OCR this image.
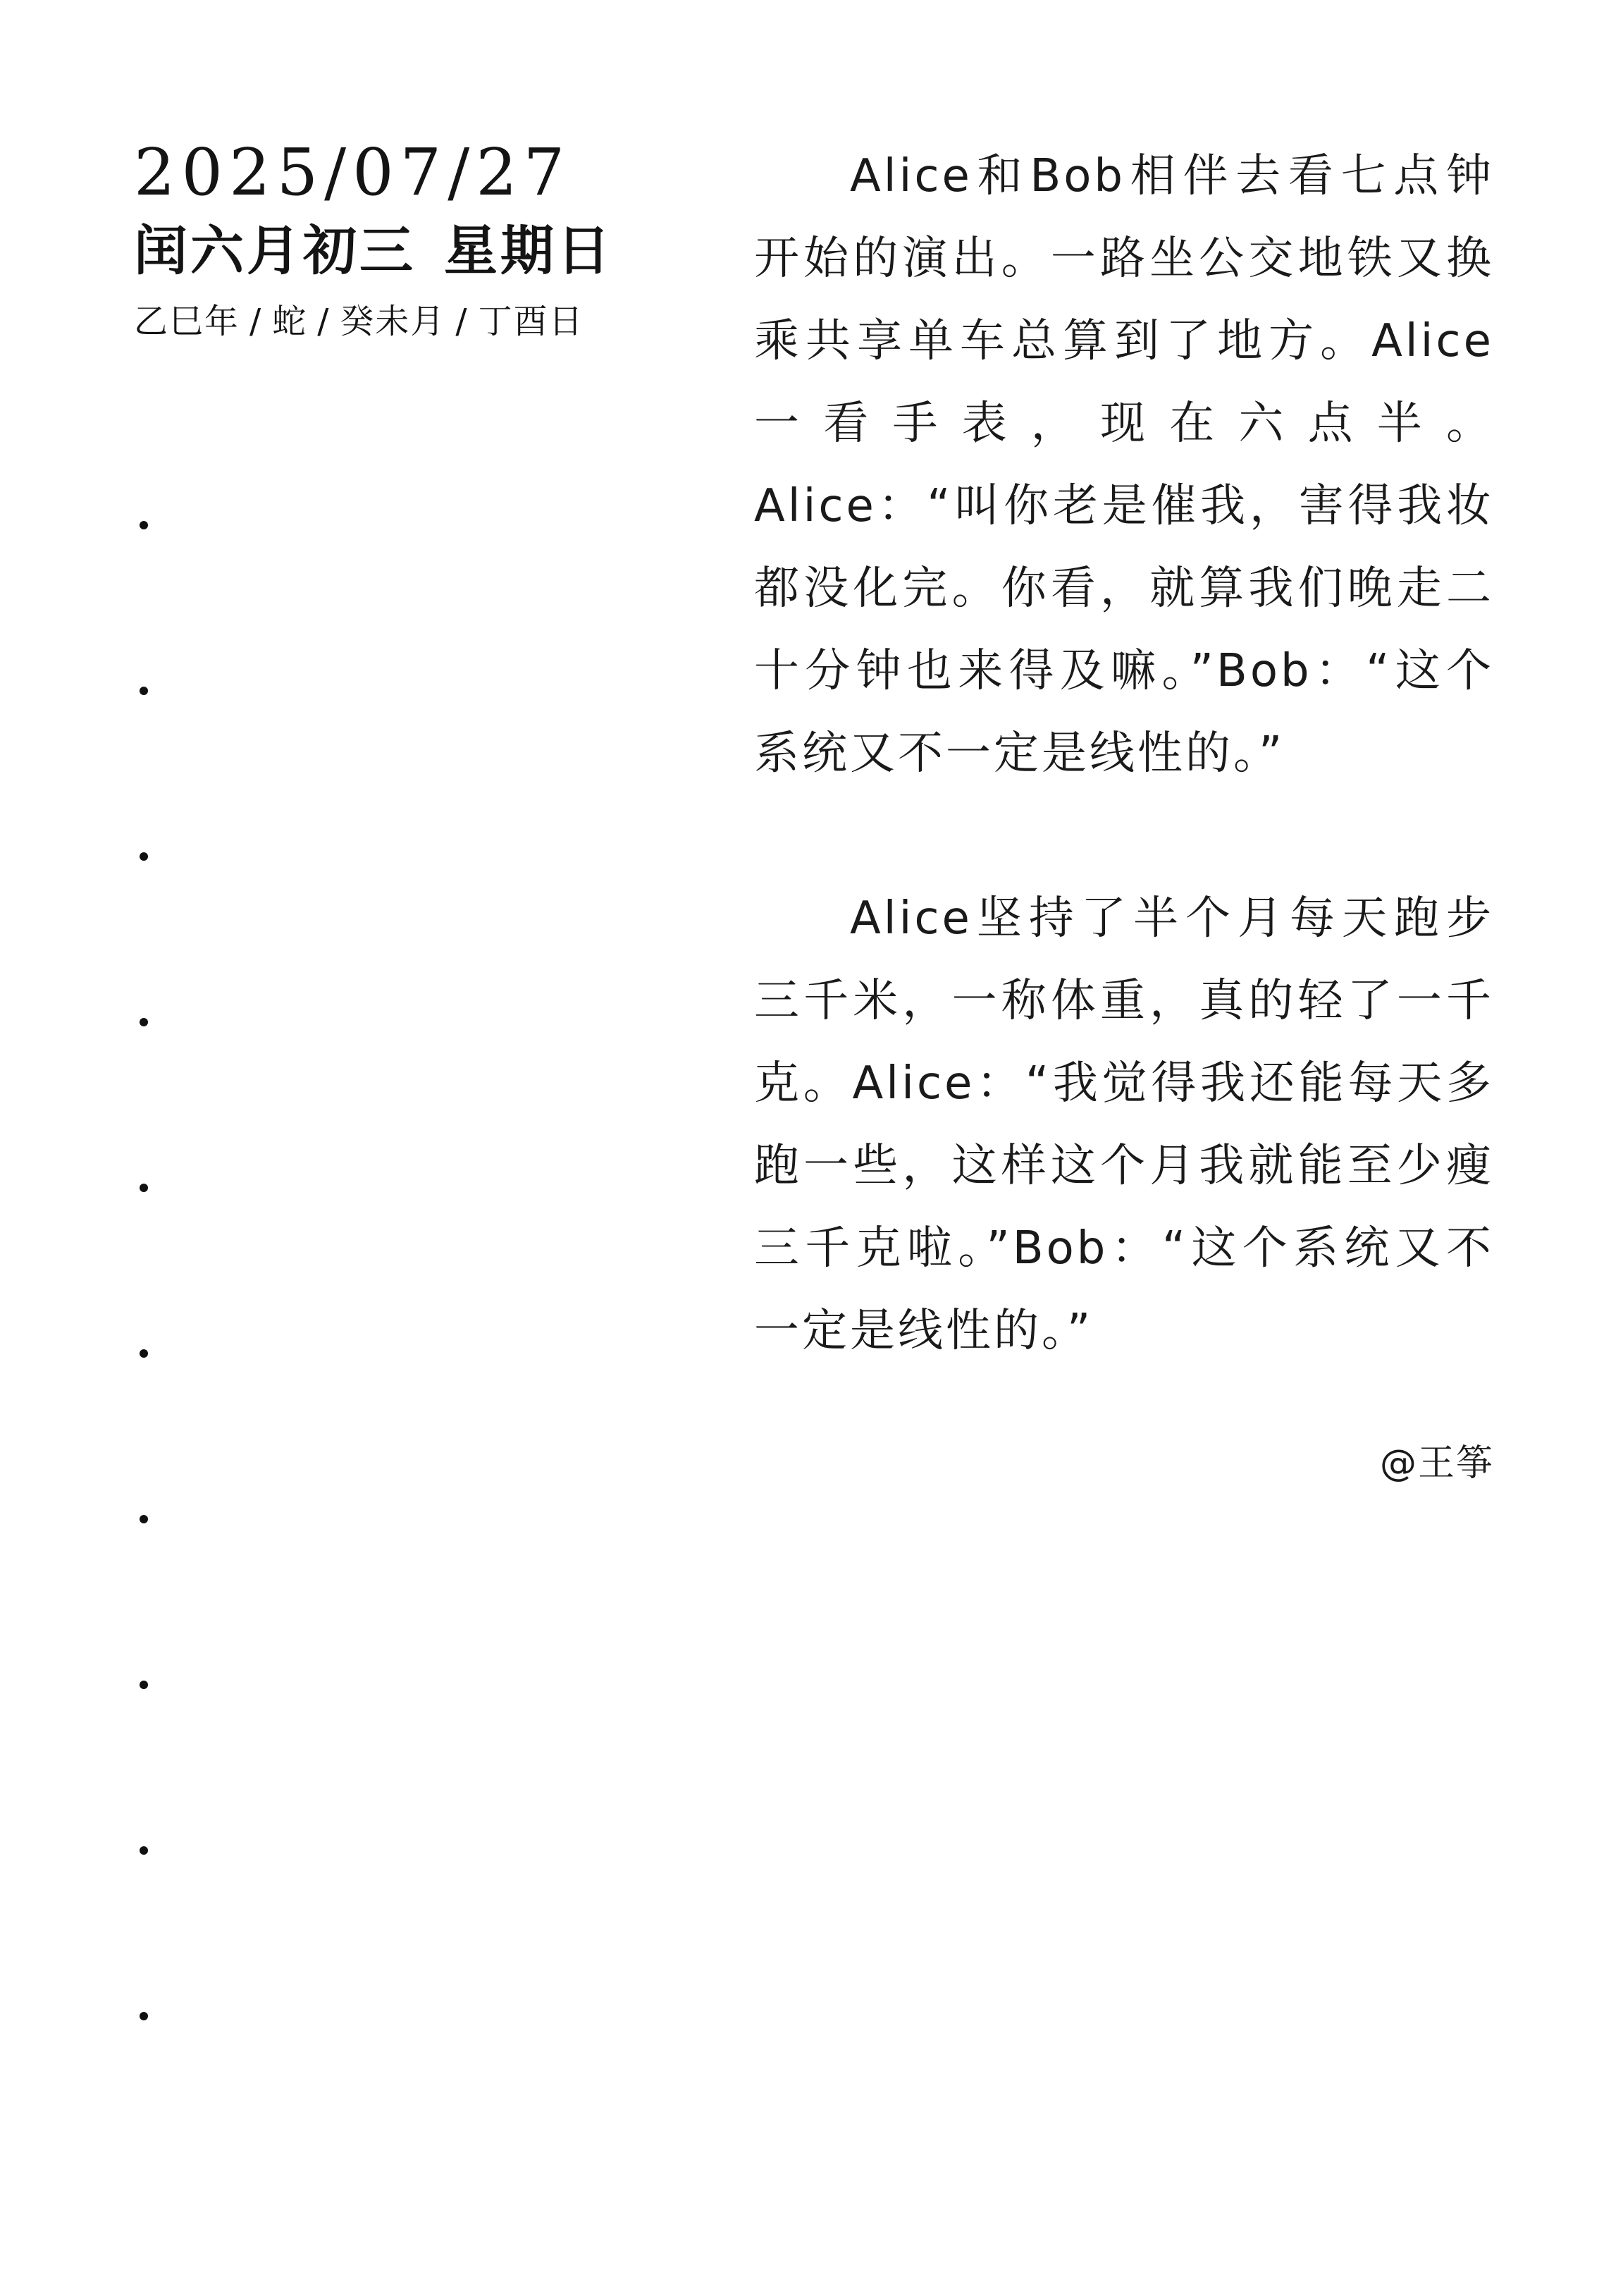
2025/07/27
闰六月初三 星期日
乙巳年 / 蛇 / 癸未月 / 丁酉日

Alice和Bob相伴去看七点钟开始的演出。一路坐公交地铁又换乘共享单车总算到了地方。Alice一看手表，现在六点半。Alice：“叫你老是催我，害得我妆都没化完。你看，就算我们晚走二十分钟也来得及嘛。”Bob：“这个系统又不一定是线性的。”

Alice坚持了半个月每天跑步三千米，一称体重，真的轻了一千克。Alice：“我觉得我还能每天多跑一些，这样这个月我就能至少瘦三千克啦。”Bob：“这个系统又不一定是线性的。”

@王筝
